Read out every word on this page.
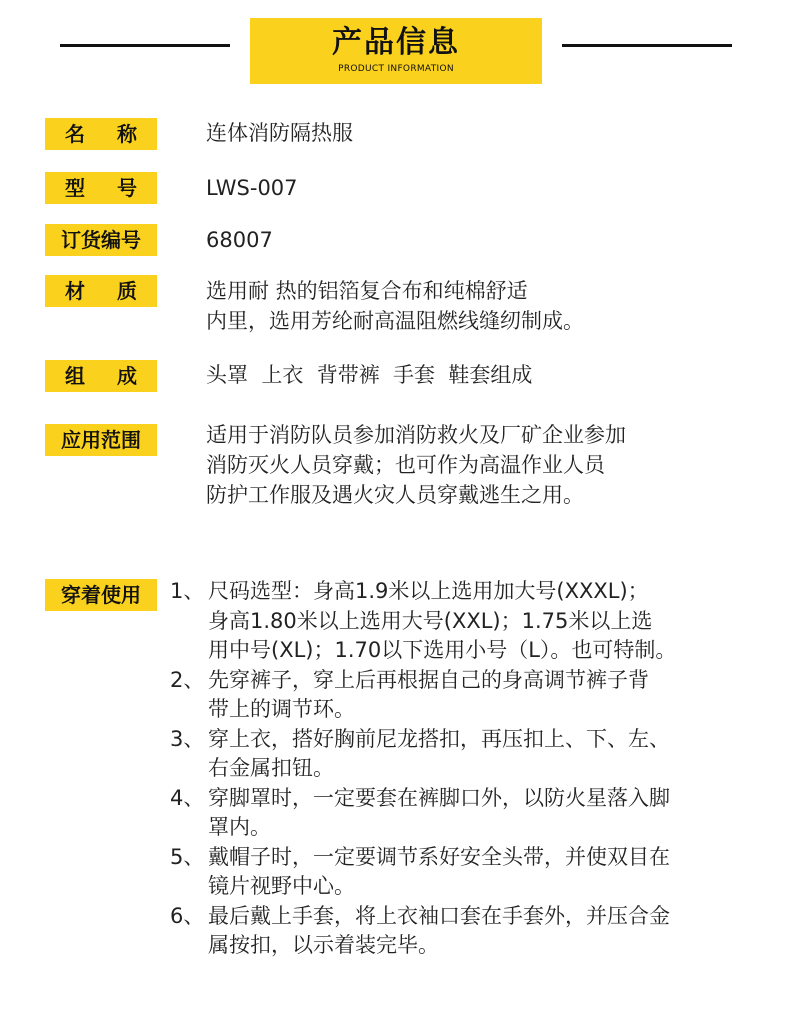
产品信息
PRODUCT INFORMATION
名称	连体消防隔热服
型号	LWS-007
订货编号	68007
材质	选用耐 热的铝箔复合布和纯棉舒适
内里，选用芳纶耐高温阻燃线缝纫制成。
组成	头罩  上衣  背带裤  手套  鞋套组成
应用范围	适用于消防队员参加消防救火及厂矿企业参加
消防灭火人员穿戴；也可作为高温作业人员
防护工作服及遇火灾人员穿戴逃生之用。
穿着使用	1、 尺码选型：身高1.9米以上选用加大号(XXXL)；
身高1.80米以上选用大号(XXL)；1.75米以上选
用中号(XL)；1.70以下选用小号（L）。也可特制。
2、 先穿裤子，穿上后再根据自己的身高调节裤子背
带上的调节环。
3、 穿上衣，搭好胸前尼龙搭扣，再压扣上、下、左、
右金属扣钮。
4、 穿脚罩时，一定要套在裤脚口外，以防火星落入脚
罩内。
5、 戴帽子时，一定要调节系好安全头带，并使双目在
镜片视野中心。
6、 最后戴上手套，将上衣袖口套在手套外，并压合金
属按扣，以示着装完毕。
